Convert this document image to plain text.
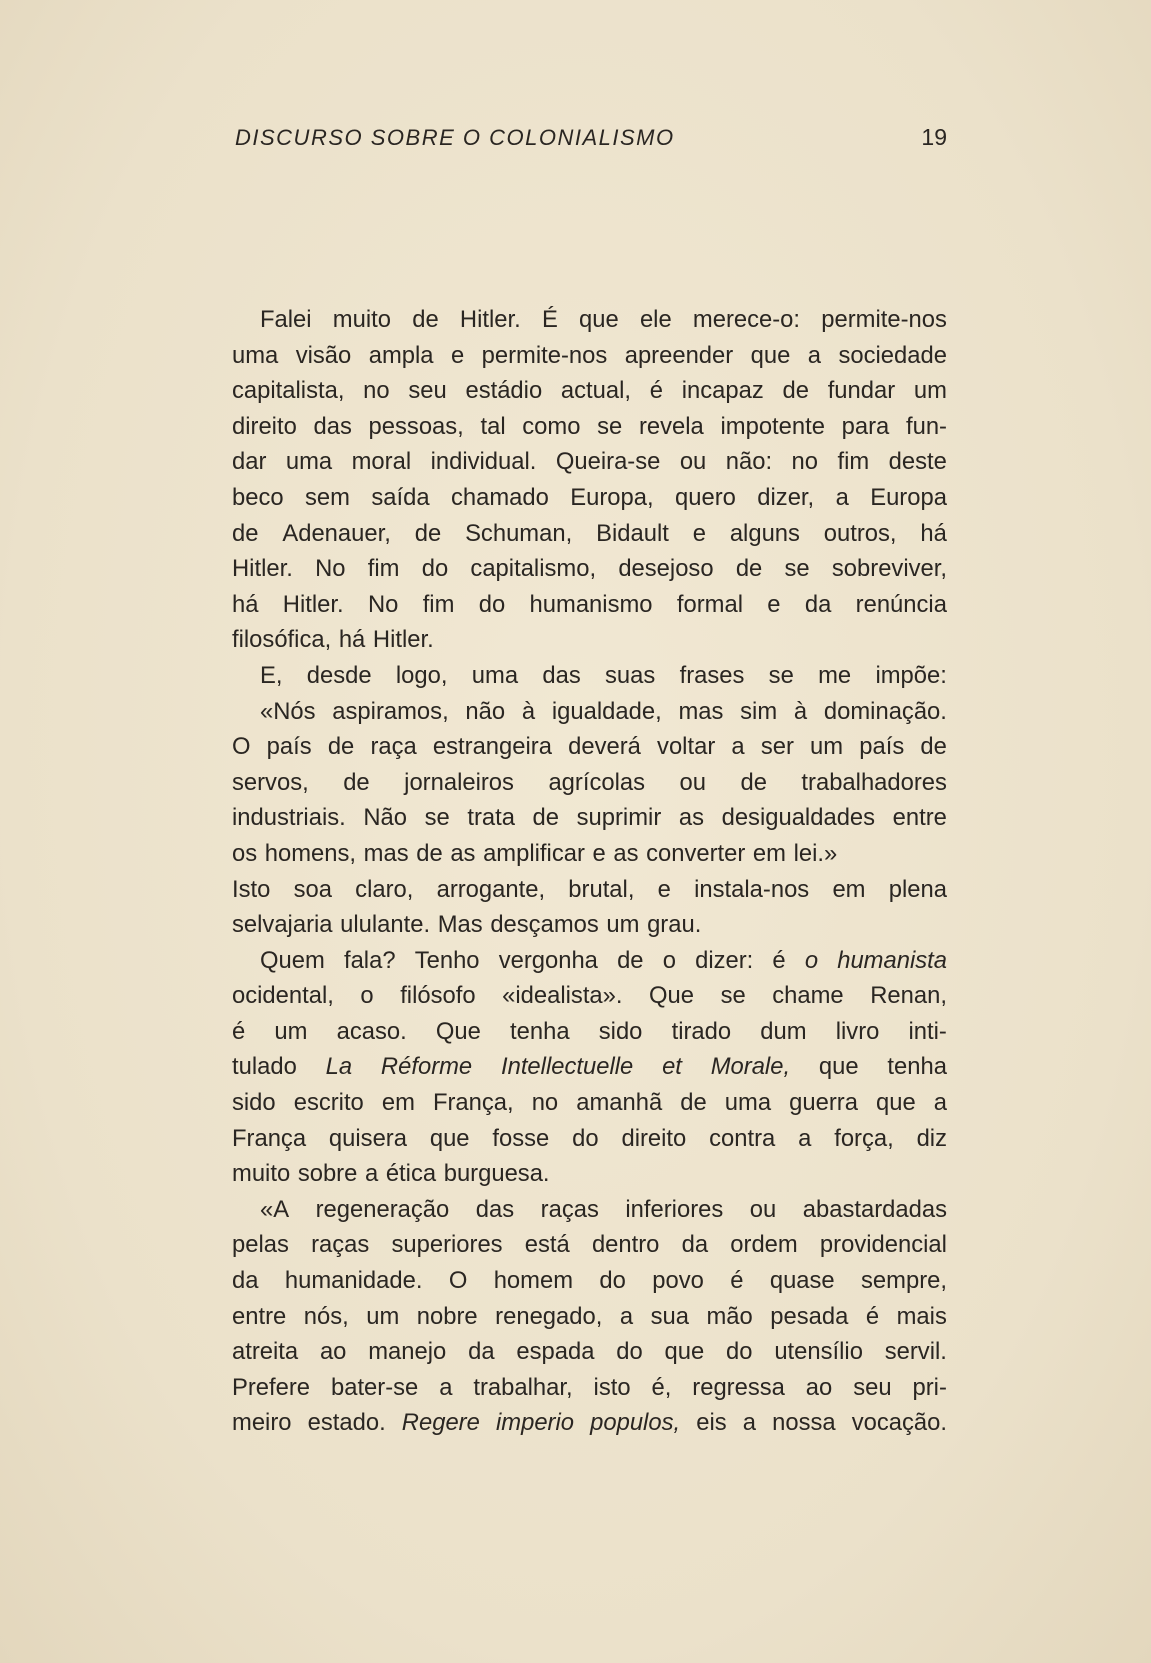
DISCURSO SOBRE O COLONIALISMO	19
Falei muito de Hitler. É que ele merece-o: permite-nos
uma visão ampla e permite-nos apreender que a sociedade
capitalista, no seu estádio actual, é incapaz de fundar um
direito das pessoas, tal como se revela impotente para fun-
dar uma moral individual. Queira-se ou não: no fim deste
beco sem saída chamado Europa, quero dizer, a Europa
de Adenauer, de Schuman, Bidault e alguns outros, há
Hitler. No fim do capitalismo, desejoso de se sobreviver,
há Hitler. No fim do humanismo formal e da renúncia
filosófica, há Hitler.
E, desde logo, uma das suas frases se me impõe:
«Nós aspiramos, não à igualdade, mas sim à dominação.
O país de raça estrangeira deverá voltar a ser um país de
servos, de jornaleiros agrícolas ou de trabalhadores
industriais. Não se trata de suprimir as desigualdades entre
os homens, mas de as amplificar e as converter em lei.»
Isto soa claro, arrogante, brutal, e instala-nos em plena
selvajaria ululante. Mas desçamos um grau.
Quem fala? Tenho vergonha de o dizer: é o humanista
ocidental, o filósofo «idealista». Que se chame Renan,
é um acaso. Que tenha sido tirado dum livro inti-
tulado La Réforme Intellectuelle et Morale, que tenha
sido escrito em França, no amanhã de uma guerra que a
França quisera que fosse do direito contra a força, diz
muito sobre a ética burguesa.
«A regeneração das raças inferiores ou abastardadas
pelas raças superiores está dentro da ordem providencial
da humanidade. O homem do povo é quase sempre,
entre nós, um nobre renegado, a sua mão pesada é mais
atreita ao manejo da espada do que do utensílio servil.
Prefere bater-se a trabalhar, isto é, regressa ao seu pri-
meiro estado. Regere imperio populos, eis a nossa vocação.
